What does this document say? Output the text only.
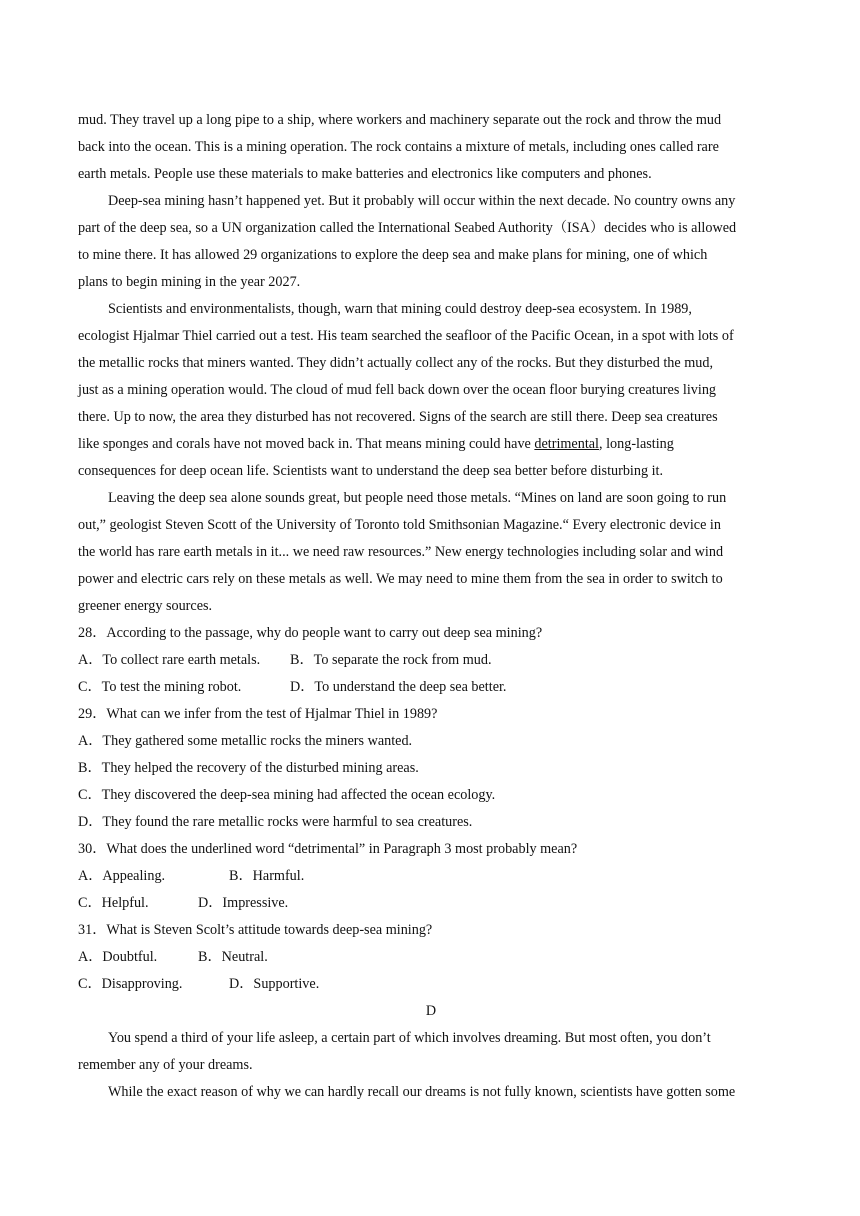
mud. They travel up a long pipe to a ship, where workers and machinery separate out the rock and throw the mud
back into the ocean. This is a mining operation. The rock contains a mixture of metals, including ones called rare
earth metals. People use these materials to make batteries and electronics like computers and phones.
Deep-sea mining hasn’t happened yet. But it probably will occur within the next decade. No country owns any
part of the deep sea, so a UN organization called the International Seabed Authority（ISA）decides who is allowed
to mine there. It has allowed 29 organizations to explore the deep sea and make plans for mining, one of which
plans to begin mining in the year 2027.
Scientists and environmentalists, though, warn that mining could destroy deep-sea ecosystem. In 1989,
ecologist Hjalmar Thiel carried out a test. His team searched the seafloor of the Pacific Ocean, in a spot with lots of
the metallic rocks that miners wanted. They didn’t actually collect any of the rocks. But they disturbed the mud,
just as a mining operation would. The cloud of mud fell back down over the ocean floor burying creatures living
there. Up to now, the area they disturbed has not recovered. Signs of the search are still there. Deep sea creatures
like sponges and corals have not moved back in. That means mining could have detrimental, long-lasting
consequences for deep ocean life. Scientists want to understand the deep sea better before disturbing it.
Leaving the deep sea alone sounds great, but people need those metals. “Mines on land are soon going to run
out,” geologist Steven Scott of the University of Toronto told Smithsonian Magazine.“ Every electronic device in
the world has rare earth metals in it... we need raw resources.” New energy technologies including solar and wind
power and electric cars rely on these metals as well. We may need to mine them from the sea in order to switch to
greener energy sources.
28．According to the passage, why do people want to carry out deep sea mining?
A．To collect rare earth metals. B．To separate the rock from mud.
C．To test the mining robot.	D．To understand the deep sea better.
29．What can we infer from the test of Hjalmar Thiel in 1989?
A．They gathered some metallic rocks the miners wanted.
B．They helped the recovery of the disturbed mining areas.
C．They discovered the deep-sea mining had affected the ocean ecology.
D．They found the rare metallic rocks were harmful to sea creatures.
30．What does the underlined word “detrimental” in Paragraph 3 most probably mean?
A．Appealing.	B．Harmful.
C．Helpful.	D．Impressive.
31．What is Steven Scolt’s attitude towards deep-sea mining?
A．Doubtful.	B．Neutral.
C．Disapproving.	D．Supportive.
D
You spend a third of your life asleep, a certain part of which involves dreaming. But most often, you don’t
remember any of your dreams.
While the exact reason of why we can hardly recall our dreams is not fully known, scientists have gotten some
